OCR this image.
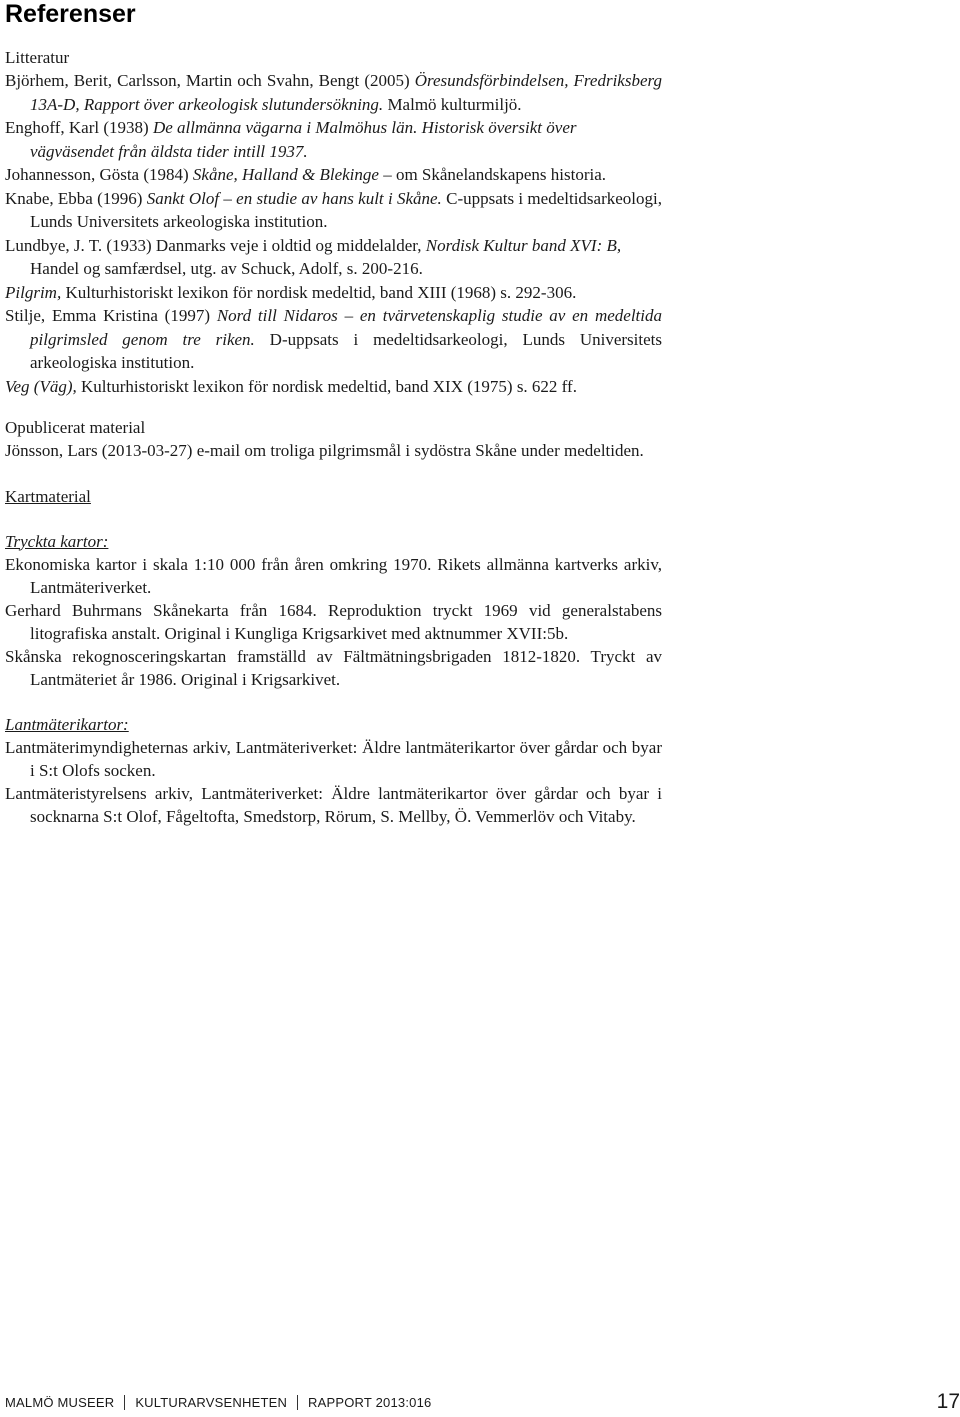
Referenser
Litteratur
Björhem, Berit, Carlsson, Martin och Svahn, Bengt (2005) Öresundsförbindelsen, Fredriksberg 13A-D, Rapport över arkeologisk slutundersökning. Malmö kulturmiljö.
Enghoff, Karl (1938) De allmänna vägarna i Malmöhus län. Historisk översikt över vägväsendet från äldsta tider intill 1937.
Johannesson, Gösta (1984) Skåne, Halland & Blekinge – om Skånelandskapens historia.
Knabe, Ebba (1996) Sankt Olof – en studie av hans kult i Skåne. C-uppsats i medeltidsarkeologi, Lunds Universitets arkeologiska institution.
Lundbye, J. T. (1933) Danmarks veje i oldtid og middelalder, Nordisk Kultur band XVI: B, Handel og samfærdsel, utg. av Schuck, Adolf, s. 200-216.
Pilgrim, Kulturhistoriskt lexikon för nordisk medeltid, band XIII (1968) s. 292-306.
Stilje, Emma Kristina (1997) Nord till Nidaros – en tvärvetenskaplig studie av en medeltida pilgrimsled genom tre riken. D-uppsats i medeltidsarkeologi, Lunds Universitets arkeologiska institution.
Veg (Väg), Kulturhistoriskt lexikon för nordisk medeltid, band XIX (1975) s. 622 ff.
Opublicerat material
Jönsson, Lars (2013-03-27) e-mail om troliga pilgrimsmål i sydöstra Skåne under medeltiden.
Kartmaterial
Tryckta kartor:
Ekonomiska kartor i skala 1:10 000 från åren omkring 1970. Rikets allmänna kartverks arkiv, Lantmäteriverket.
Gerhard Buhrmans Skånekarta från 1684. Reproduktion tryckt 1969 vid generalstabens litografiska anstalt. Original i Kungliga Krigsarkivet med aktnummer XVII:5b.
Skånska rekognosceringskartan framställd av Fältmätningsbrigaden 1812-1820. Tryckt av Lantmäteriet år 1986. Original i Krigsarkivet.
Lantmäterikartor:
Lantmäterimyndigheternas arkiv, Lantmäteriverket: Äldre lantmäterikartor över gårdar och byar i S:t Olofs socken.
Lantmäteristyrelsens arkiv, Lantmäteriverket: Äldre lantmäterikartor över gårdar och byar i socknarna S:t Olof, Fågeltofta, Smedstorp, Rörum, S. Mellby, Ö. Vemmerlöv och Vitaby.
MALMÖ MUSEER KULTURARVSENHETEN RAPPORT 2013:016	17
